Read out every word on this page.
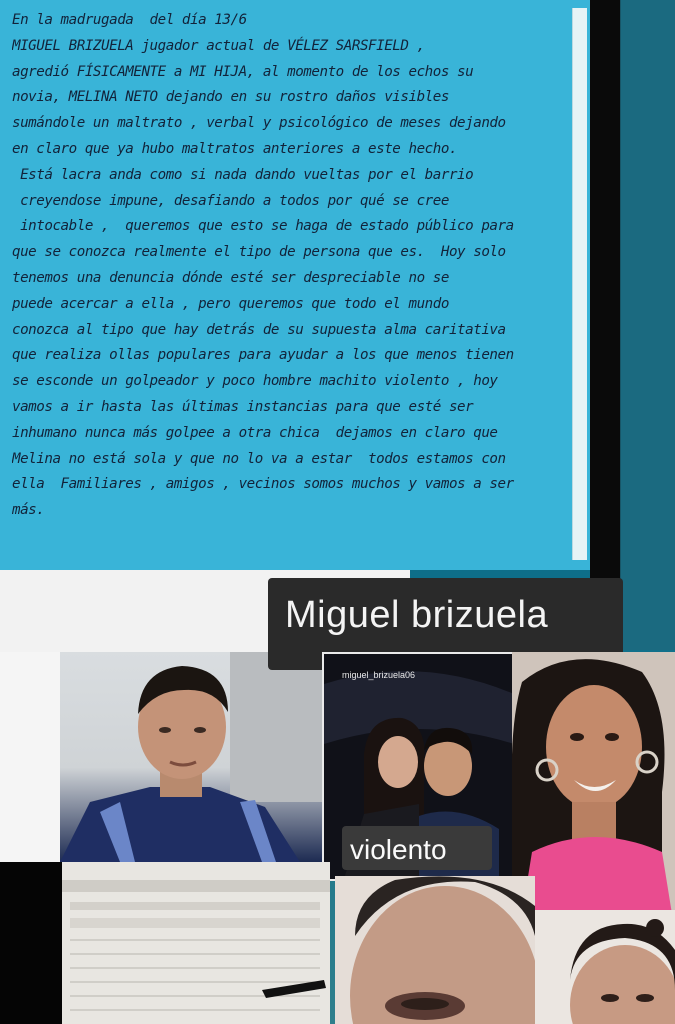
En la madrugada  del día 13/6
MIGUEL BRIZUELA jugador actual de VÉLEZ SARSFIELD ,
agredió FÍSICAMENTE a MI HIJA, al momento de los echos su
novia, MELINA NETO dejando en su rostro daños visibles
sumándole un maltrato , verbal y psicológico de meses dejando
en claro que ya hubo maltratos anteriores a este hecho.
Está lacra anda como si nada dando vueltas por el barrio
creyendose impune, desafiando a todos por qué se cree
intocable ,  queremos que esto se haga de estado público para
que se conozca realmente el tipo de persona que es.  Hoy solo
tenemos una denuncia dónde esté ser despreciable no se
puede acercar a ella , pero queremos que todo el mundo
conozca al tipo que hay detrás de su supuesta alma caritativa
que realiza ollas populares para ayudar a los que menos tienen
se esconde un golpeador y poco hombre machito violento , hoy
vamos a ir hasta las últimas instancias para que esté ser
inhumano nunca más golpee a otra chica  dejamos en claro que
Melina no está sola y que no lo va a estar  todos estamos con
ella  Familiares , amigos , vecinos somos muchos y vamos a ser
más.
Miguel brizuela
miguel_brizuela06
violento
